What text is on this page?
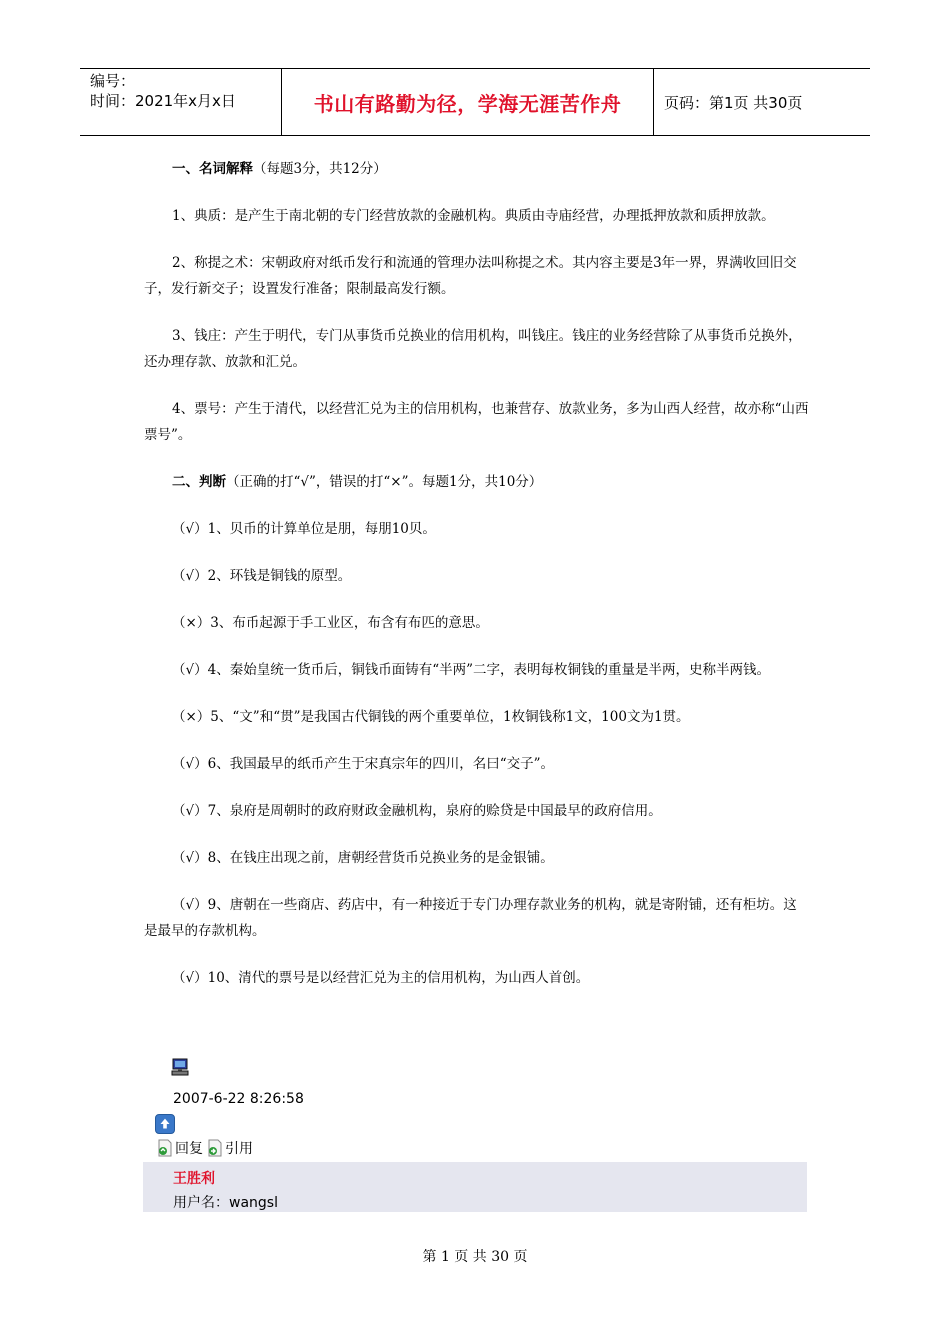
编号：
时间：2021年x月x日	书山有路勤为径，学海无涯苦作舟	页码：第1页 共30页

一、名词解释（每题3分，共12分）

1、典质：是产生于南北朝的专门经营放款的金融机构。典质由寺庙经营，办理抵押放款和质押放款。

2、称提之术：宋朝政府对纸币发行和流通的管理办法叫称提之术。其内容主要是3年一界，界满收回旧交子，发行新交子；设置发行准备；限制最高发行额。

3、钱庄：产生于明代，专门从事货币兑换业的信用机构，叫钱庄。钱庄的业务经营除了从事货币兑换外，还办理存款、放款和汇兑。

4、票号：产生于清代，以经营汇兑为主的信用机构，也兼营存、放款业务，多为山西人经营，故亦称“山西票号”。

二、判断（正确的打“√”，错误的打“×”。每题1分，共10分）

（√）1、贝币的计算单位是朋，每朋10贝。

（√）2、环钱是铜钱的原型。

（×）3、布币起源于手工业区，布含有布匹的意思。

（√）4、秦始皇统一货币后，铜钱币面铸有“半两”二字，表明每枚铜钱的重量是半两，史称半两钱。

（×）5、“文”和“贯”是我国古代铜钱的两个重要单位，1枚铜钱称1文，100文为1贯。

（√）6、我国最早的纸币产生于宋真宗年的四川，名曰“交子”。

（√）7、泉府是周朝时的政府财政金融机构，泉府的赊贷是中国最早的政府信用。

（√）8、在钱庄出现之前，唐朝经营货币兑换业务的是金银铺。

（√）9、唐朝在一些商店、药店中，有一种接近于专门办理存款业务的机构，就是寄附铺，还有柜坊。这是最早的存款机构。

（√）10、清代的票号是以经营汇兑为主的信用机构，为山西人首创。

2007-6-22 8:26:58
回复 引用
王胜利
用户名：wangsl
第 1 页 共 30 页
